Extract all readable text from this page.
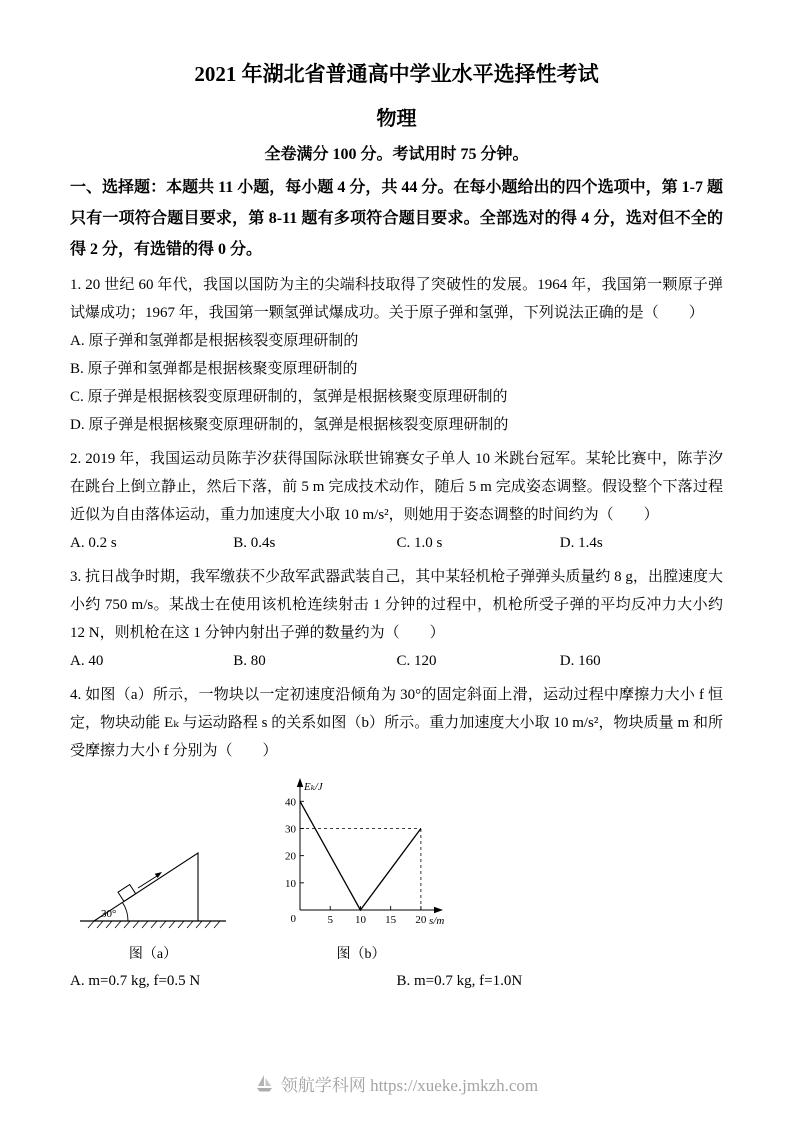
2021 年湖北省普通高中学业水平选择性考试
物理

全卷满分 100 分。考试用时 75 分钟。

一、选择题：本题共 11 小题，每小题 4 分，共 44 分。在每小题给出的四个选项中，第 1-7 题只有一项符合题目要求，第 8-11 题有多项符合题目要求。全部选对的得 4 分，选对但不全的得 2 分，有选错的得 0 分。

1. 20 世纪 60 年代，我国以国防为主的尖端科技取得了突破性的发展。1964 年，我国第一颗原子弹试爆成功；1967 年，我国第一颗氢弹试爆成功。关于原子弹和氢弹，下列说法正确的是（　　）

A. 原子弹和氢弹都是根据核裂变原理研制的

B. 原子弹和氢弹都是根据核聚变原理研制的

C. 原子弹是根据核裂变原理研制的，氢弹是根据核聚变原理研制的

D. 原子弹是根据核聚变原理研制的，氢弹是根据核裂变原理研制的

2. 2019 年，我国运动员陈芋汐获得国际泳联世锦赛女子单人 10 米跳台冠军。某轮比赛中，陈芋汐在跳台上倒立静止，然后下落，前 5 m 完成技术动作，随后 5 m 完成姿态调整。假设整个下落过程近似为自由落体运动，重力加速度大小取 10 m/s²，则她用于姿态调整的时间约为（　　）

A. 0.2 s	B. 0.4s	C. 1.0 s	D. 1.4s

3. 抗日战争时期，我军缴获不少敌军武器武装自己，其中某轻机枪子弹弹头质量约 8 g，出膛速度大小约 750 m/s。某战士在使用该机枪连续射击 1 分钟的过程中，机枪所受子弹的平均反冲力大小约 12 N，则机枪在这 1 分钟内射出子弹的数量约为（　　）

A. 40	B. 80	C. 120	D. 160

4. 如图（a）所示，一物块以一定初速度沿倾角为 30°的固定斜面上滑，运动过程中摩擦力大小 f 恒定，物块动能 Eₖ 与运动路程 s 的关系如图（b）所示。重力加速度大小取 10 m/s²，物块质量 m 和所受摩擦力大小 f 分别为（　　）

30°
图（a）
5 10 15 20
10
20
30
40
0
Eₖ/J
s/m
图（b）
A. m=0.7 kg, f=0.5 N	B. m=0.7 kg, f=1.0N
领航学科网 https://xueke.jmkzh.com
